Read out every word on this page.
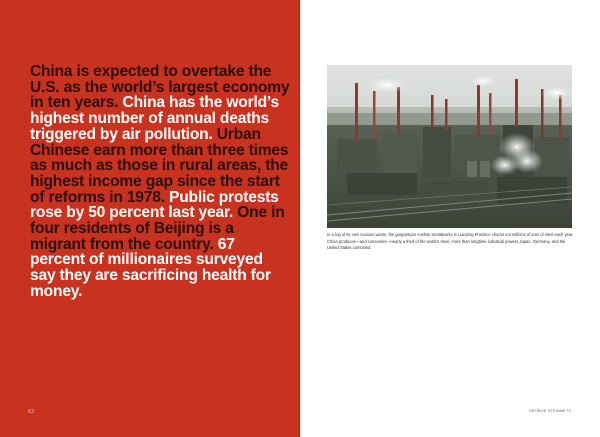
China is expected to overtake the U.S. as the world’s largest economy in ten years. China has the world’s highest number of annual deaths triggered by air pollution. Urban Chinese earn more than three times as much as those in rural areas, the highest income gap since the start of reforms in 1978. Public protests rose by 50 percent last year. One in four residents of Beijing is a migrant from the country. 67 percent of millionaires surveyed say they are sacrificing health for money.

62

In a fog of its own noxious waste, the gargantuan Anshan metalworks in Liaoning Province churns out millions of tons of steel each year. China produces—and consumes—nearly a third of the world’s steel, more than longtime industrial powers Japan, Germany, and the United States combined.

GEORGE STEINMETZ
